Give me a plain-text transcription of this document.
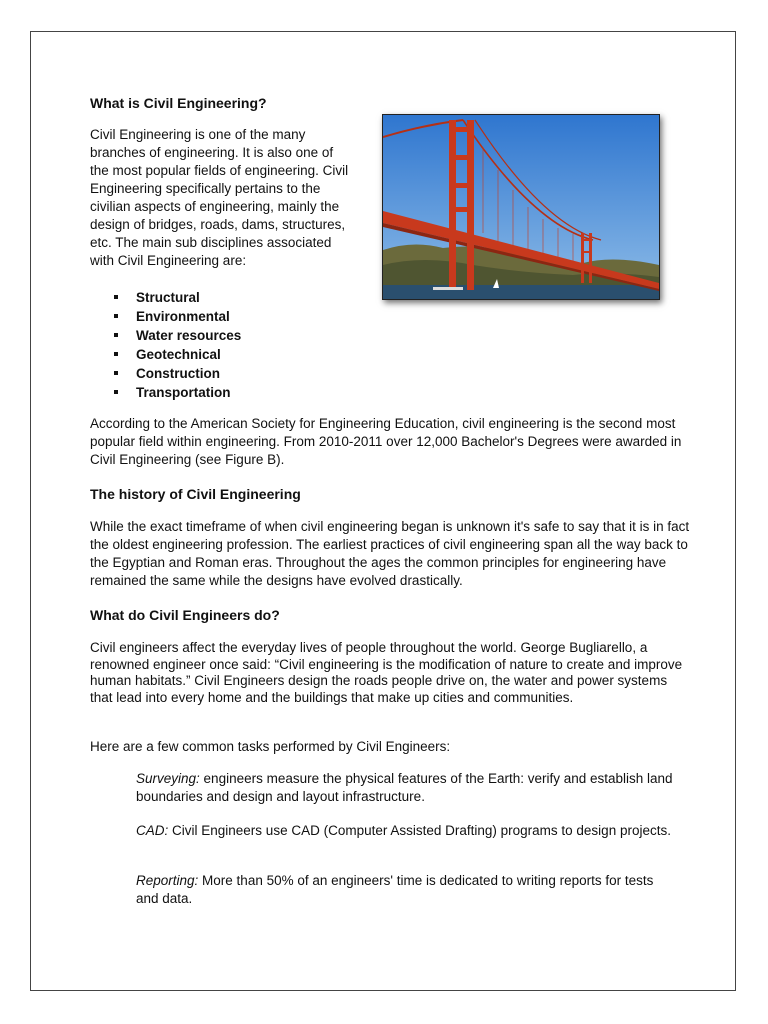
What is Civil Engineering?

Civil Engineering is one of the many branches of engineering. It is also one of the most popular fields of engineering. Civil Engineering specifically pertains to the civilian aspects of engineering, mainly the design of bridges, roads, dams, structures, etc. The main sub disciplines associated with Civil Engineering are:

Structural
Environmental
Water resources
Geotechnical
Construction
Transportation

According to the American Society for Engineering Education, civil engineering is the second most popular field within engineering. From 2010-2011 over 12,000 Bachelor's Degrees were awarded in Civil Engineering (see Figure B).

The history of Civil Engineering

While the exact timeframe of when civil engineering began is unknown it's safe to say that it is in fact the oldest engineering profession. The earliest practices of civil engineering span all the way back to the Egyptian and Roman eras. Throughout the ages the common principles for engineering have remained the same while the designs have evolved drastically.

What do Civil Engineers do?

Civil engineers affect the everyday lives of people throughout the world. George Bugliarello, a renowned engineer once said: “Civil engineering is the modification of nature to create and improve human habitats.” Civil Engineers design the roads people drive on, the water and power systems that lead into every home and the buildings that make up cities and communities.

Here are a few common tasks performed by Civil Engineers:

Surveying: engineers measure the physical features of the Earth: verify and establish land boundaries and design and layout infrastructure.

CAD: Civil Engineers use CAD (Computer Assisted Drafting) programs to design projects.

Reporting: More than 50% of an engineers' time is dedicated to writing reports for tests and data.
